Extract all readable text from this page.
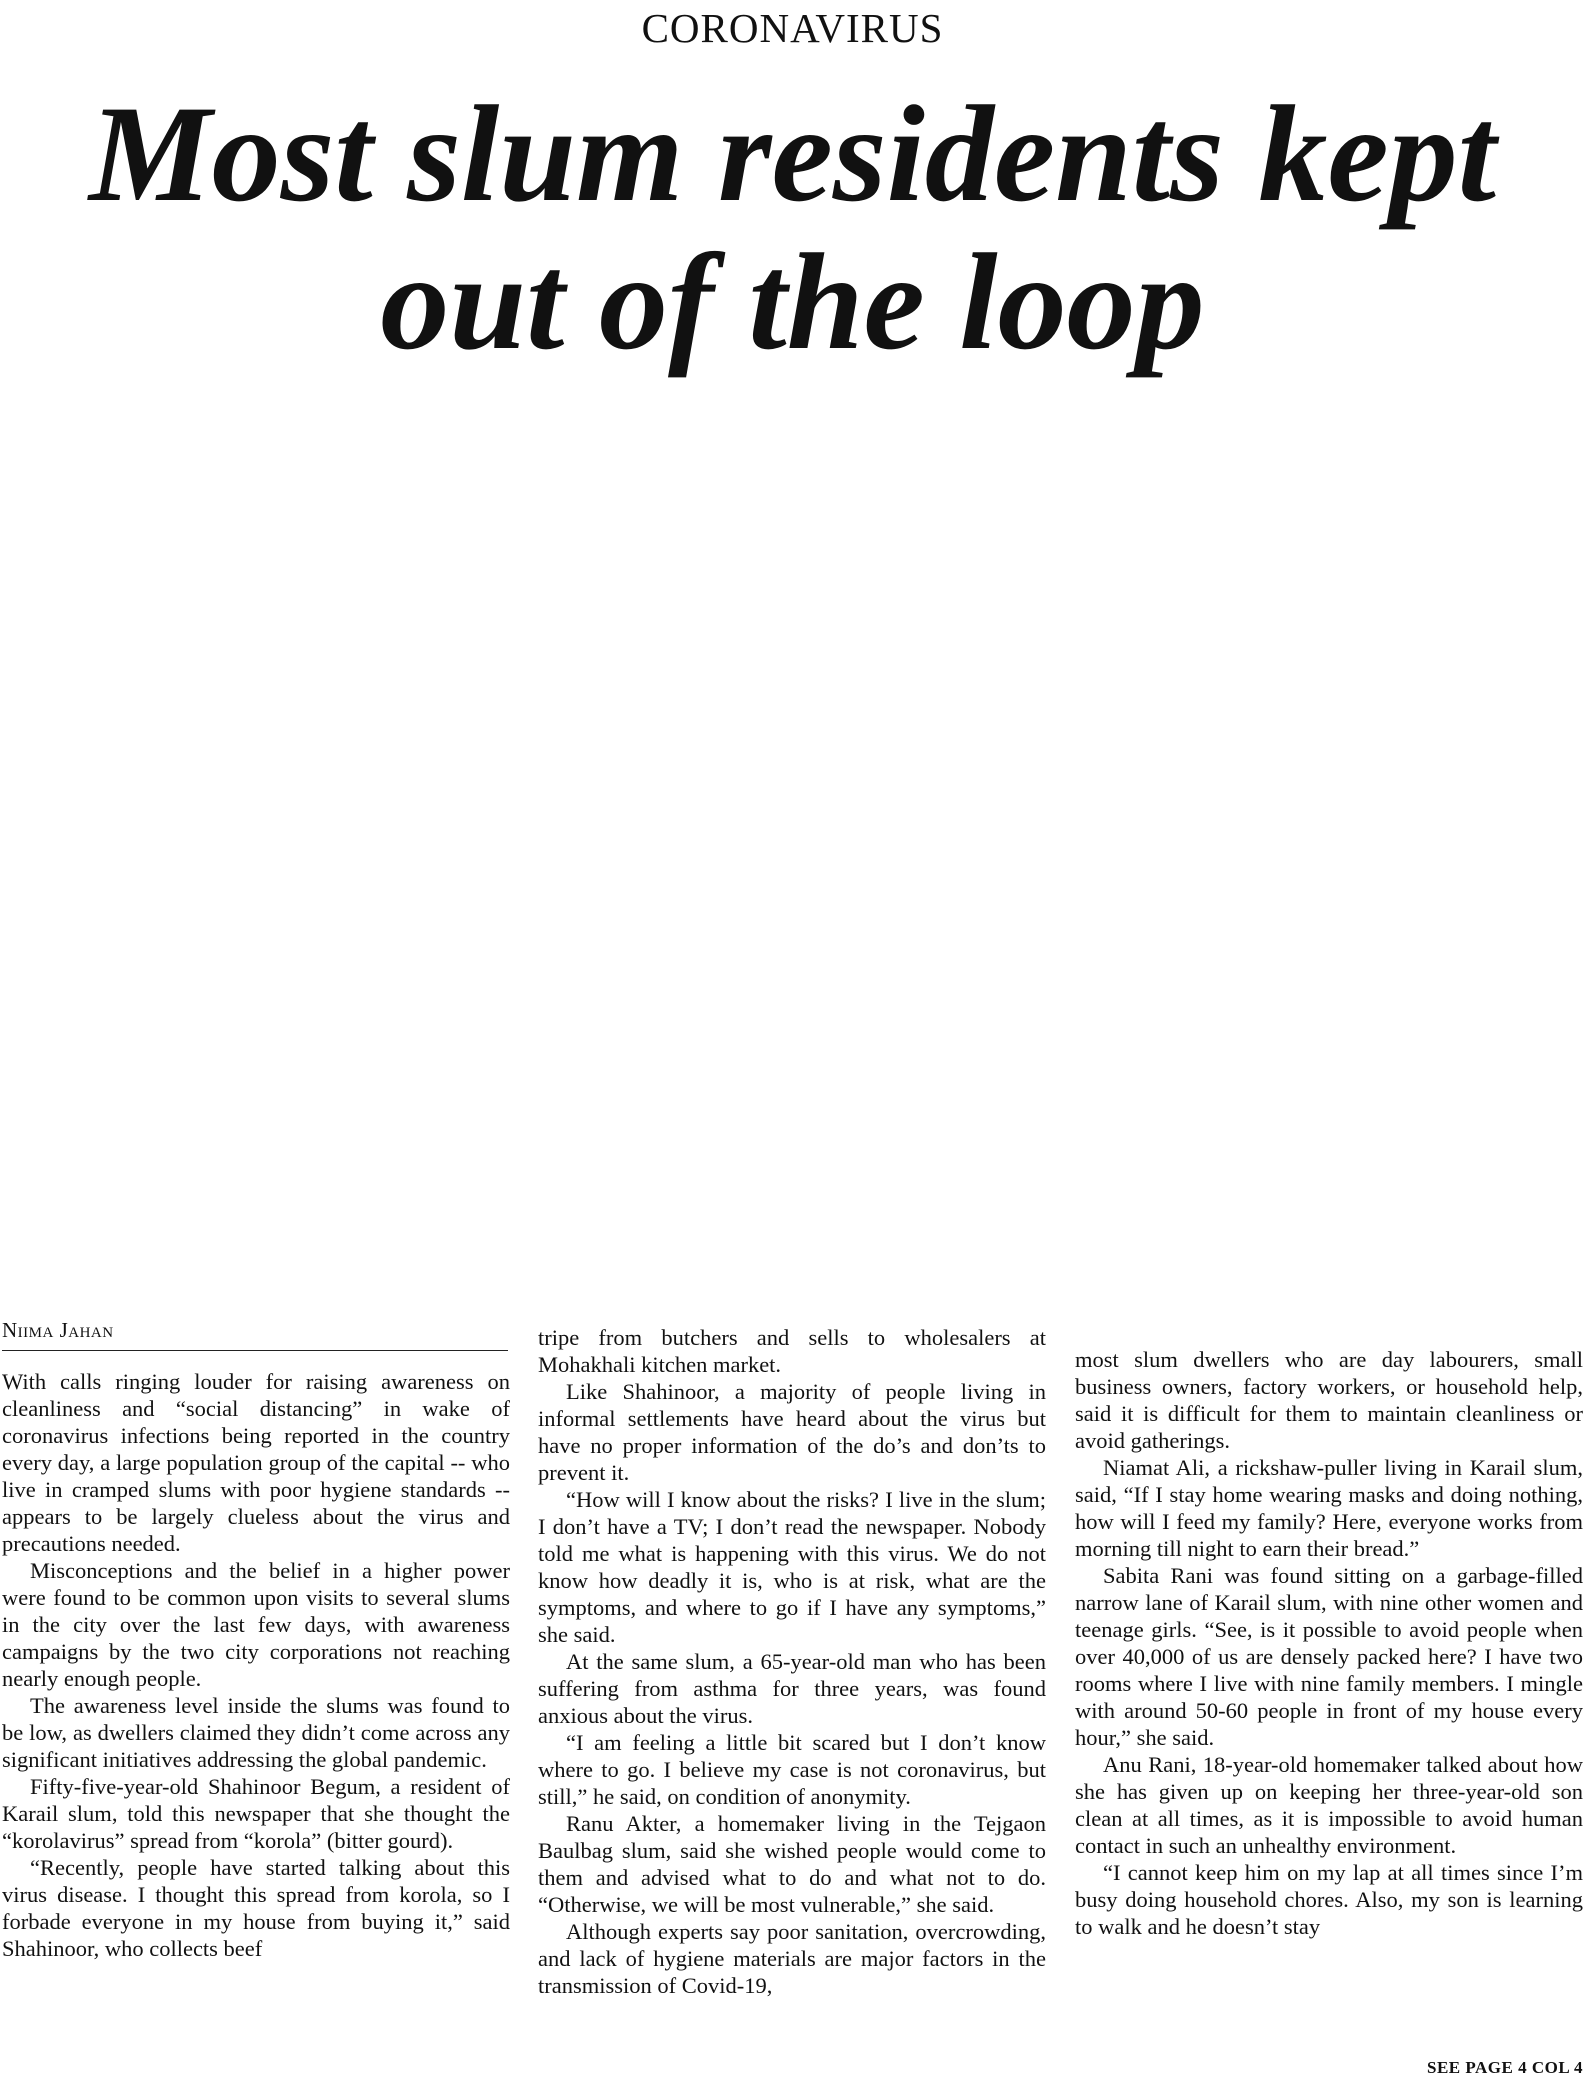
CORONAVIRUS
Most slum residents kept
out of the loop
Niima Jahan

With calls ringing louder for raising awareness on cleanliness and “social distancing” in wake of coronavirus infections being reported in the country every day, a large population group of the capital -- who live in cramped slums with poor hygiene standards -- appears to be largely clueless about the virus and precautions needed.

Misconceptions and the belief in a higher power were found to be common upon visits to several slums in the city over the last few days, with awareness campaigns by the two city corporations not reaching nearly enough people.

The awareness level inside the slums was found to be low, as dwellers claimed they didn’t come across any significant initiatives addressing the global pandemic.

Fifty-five-year-old Shahinoor Begum, a resident of Karail slum, told this newspaper that she thought the “korolavirus” spread from “korola” (bitter gourd).

“Recently, people have started talking about this virus disease. I thought this spread from korola, so I forbade everyone in my house from buying it,” said Shahinoor, who collects beef

tripe from butchers and sells to wholesalers at Mohakhali kitchen market.

Like Shahinoor, a majority of people living in informal settlements have heard about the virus but have no proper information of the do’s and don’ts to prevent it.

“How will I know about the risks? I live in the slum; I don’t have a TV; I don’t read the newspaper. Nobody told me what is happening with this virus. We do not know how deadly it is, who is at risk, what are the symptoms, and where to go if I have any symptoms,” she said.

At the same slum, a 65-year-old man who has been suffering from asthma for three years, was found anxious about the virus.

“I am feeling a little bit scared but I don’t know where to go. I believe my case is not coronavirus, but still,” he said, on condition of anonymity.

Ranu Akter, a homemaker living in the Tejgaon Baulbag slum, said she wished people would come to them and advised what to do and what not to do. “Otherwise, we will be most vulnerable,” she said.

Although experts say poor sanitation, overcrowding, and lack of hygiene materials are major factors in the transmission of Covid-19,

most slum dwellers who are day labourers, small business owners, factory workers, or household help, said it is difficult for them to maintain cleanliness or avoid gatherings.

Niamat Ali, a rickshaw-puller living in Karail slum, said, “If I stay home wearing masks and doing nothing, how will I feed my family? Here, everyone works from morning till night to earn their bread.”

Sabita Rani was found sitting on a garbage-filled narrow lane of Karail slum, with nine other women and teenage girls. “See, is it possible to avoid people when over 40,000 of us are densely packed here? I have two rooms where I live with nine family members. I mingle with around 50-60 people in front of my house every hour,” she said.

Anu Rani, 18-year-old homemaker talked about how she has given up on keeping her three-year-old son clean at all times, as it is impossible to avoid human contact in such an unhealthy environment.

“I cannot keep him on my lap at all times since I’m busy doing household chores. Also, my son is learning to walk and he doesn’t stay

SEE PAGE 4 COL 4
